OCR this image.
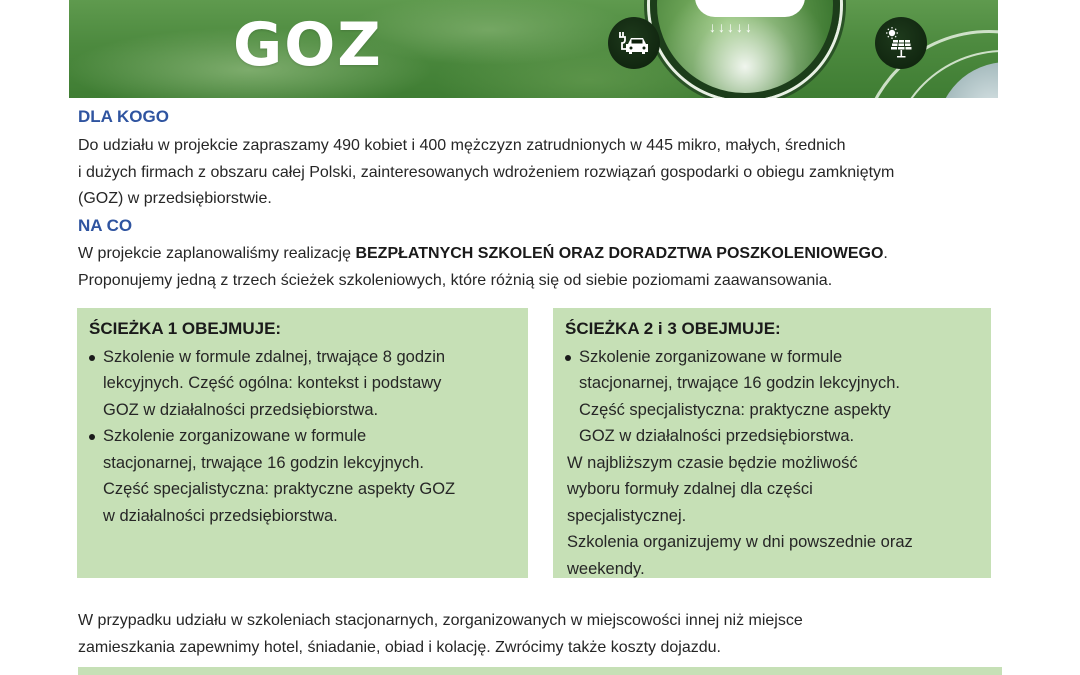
GOZ	↓↓↓↓↓
DLA KOGO
Do udziału w projekcie zapraszamy 490 kobiet i 400 mężczyzn zatrudnionych w 445 mikro, małych, średnich
i dużych firmach z obszaru całej Polski, zainteresowanych wdrożeniem rozwiązań gospodarki o obiegu zamkniętym
(GOZ) w przedsiębiorstwie.
NA CO
W projekcie zaplanowaliśmy realizację BEZPŁATNYCH SZKOLEŃ ORAZ DORADZTWA POSZKOLENIOWEGO.
Proponujemy jedną z trzech ścieżek szkoleniowych, które różnią się od siebie poziomami zaawansowania.
ŚCIEŻKA 1 OBEJMUJE:
Szkolenie w formule zdalnej, trwające 8 godzin
lekcyjnych. Część ogólna: kontekst i podstawy
GOZ w działalności przedsiębiorstwa.
Szkolenie zorganizowane w formule
stacjonarnej, trwające 16 godzin lekcyjnych.
Część specjalistyczna: praktyczne aspekty GOZ
w działalności przedsiębiorstwa.
ŚCIEŻKA 2 i 3 OBEJMUJE:
Szkolenie zorganizowane w formule
stacjonarnej, trwające 16 godzin lekcyjnych.
Część specjalistyczna: praktyczne aspekty
GOZ w działalności przedsiębiorstwa.
W najbliższym czasie będzie możliwość
wyboru formuły zdalnej dla części
specjalistycznej.
Szkolenia organizujemy w dni powszednie oraz
weekendy.
W przypadku udziału w szkoleniach stacjonarnych, zorganizowanych w miejscowości innej niż miejsce
zamieszkania zapewnimy hotel, śniadanie, obiad i kolację. Zwrócimy także koszty dojazdu.
